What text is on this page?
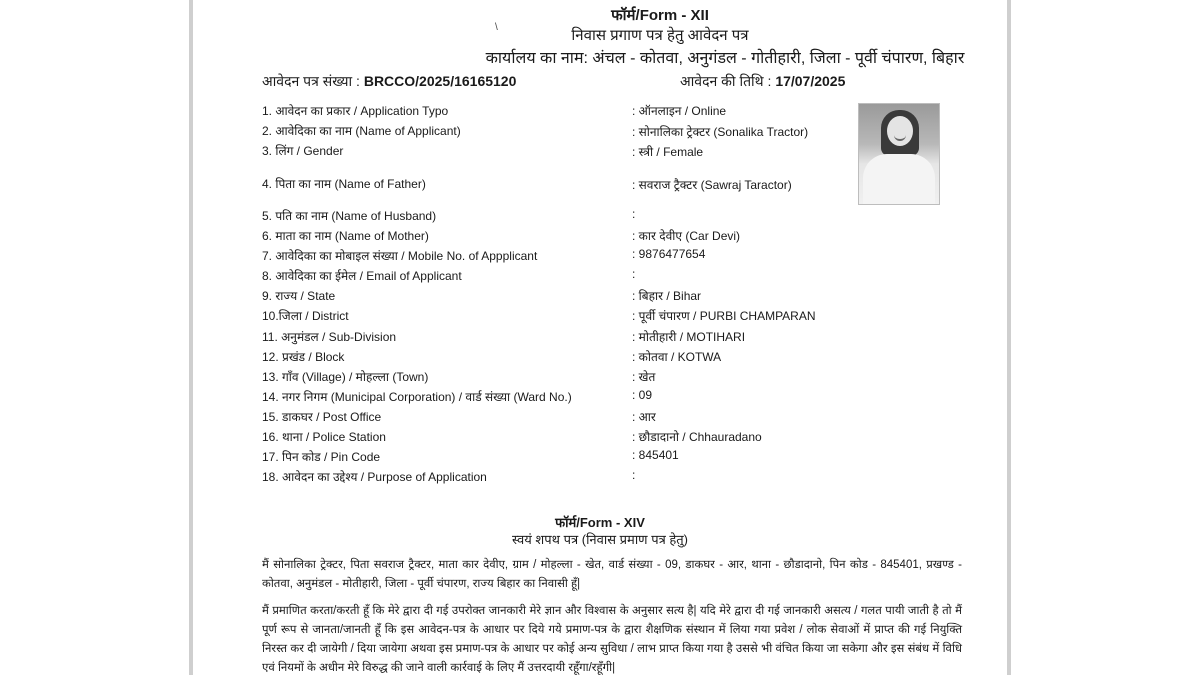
\
फॉर्म/Form - XII
निवास प्रगाण पत्र हेतु आवेदन पत्र
कार्यालय का नाम: अंचल - कोतवा, अनुगंडल - गोतीहारी, जिला - पूर्वी चंपारण, बिहार
आवेदन पत्र संख्या : BRCCO/2025/16165120	आवेदन की तिथि : 17/07/2025
1. आवेदन का प्रकार / Application Typo	: ऑनलाइन / Online
2. आवेदिका का नाम (Name of Applicant)	: सोनालिका ट्रेक्टर (Sonalika Tractor)
3. लिंग / Gender	: स्त्री / Female
4. पिता का नाम (Name of Father)	: सवराज ट्रैक्टर (Sawraj Taractor)
5. पति का नाम (Name of Husband)	:
6. माता का नाम (Name of Mother)	: कार देवीए (Car Devi)
7. आवेदिका का मोबाइल संख्या / Mobile No. of Appplicant	: 9876477654
8. आवेदिका का ईमेल / Email of Applicant	:
9. राज्य / State	: बिहार / Bihar
10.जिला / District	: पूर्वी चंपारण / PURBI CHAMPARAN
11. अनुमंडल / Sub-Division	: मोतीहारी / MOTIHARI
12. प्रखंड / Block	: कोतवा / KOTWA
13. गाँव (Village) / मोहल्ला (Town)	: खेत
14. नगर निगम (Municipal Corporation) / वार्ड संख्या (Ward No.)	: 09
15. डाकघर / Post Office	: आर
16. थाना / Police Station	: छौडादानो / Chhauradano
17. पिन कोड / Pin Code	: 845401
18. आवेदन का उद्देश्य / Purpose of Application	:
फॉर्म/Form - XIV
स्वयं शपथ पत्र (निवास प्रमाण पत्र हेतु)
मैं सोनालिका ट्रेक्टर, पिता सवराज ट्रैक्टर, माता कार देवीए, ग्राम / मोहल्ला - खेत, वार्ड संख्या - 09, डाकघर - आर, थाना - छौडादानो, पिन कोड - 845401, प्रखण्ड - कोतवा, अनुमंडल - मोतीहारी, जिला - पूर्वी चंपारण, राज्य बिहार का निवासी हूँ|
मैं प्रमाणित करता/करती हूँ कि मेरे द्वारा दी गई उपरोक्त जानकारी मेरे ज्ञान और विश्वास के अनुसार सत्य है| यदि मेरे द्वारा दी गई जानकारी असत्य / गलत पायी जाती है तो मैं पूर्ण रूप से जानता/जानती हूँ कि इस आवेदन-पत्र के आधार पर दिये गये प्रमाण-पत्र के द्वारा शैक्षणिक संस्थान में लिया गया प्रवेश / लोक सेवाओं में प्राप्त की गई नियुक्ति निरस्त कर दी जायेगी / दिया जायेगा अथवा इस प्रमाण-पत्र के आधार पर कोई अन्य सुविधा / लाभ प्राप्त किया गया है उससे भी वंचित किया जा सकेगा और इस संबंध में विधि एवं नियमों के अधीन मेरे विरुद्ध की जाने वाली कार्रवाई के लिए मैं उत्तरदायी रहूँगा/रहूँगी|
